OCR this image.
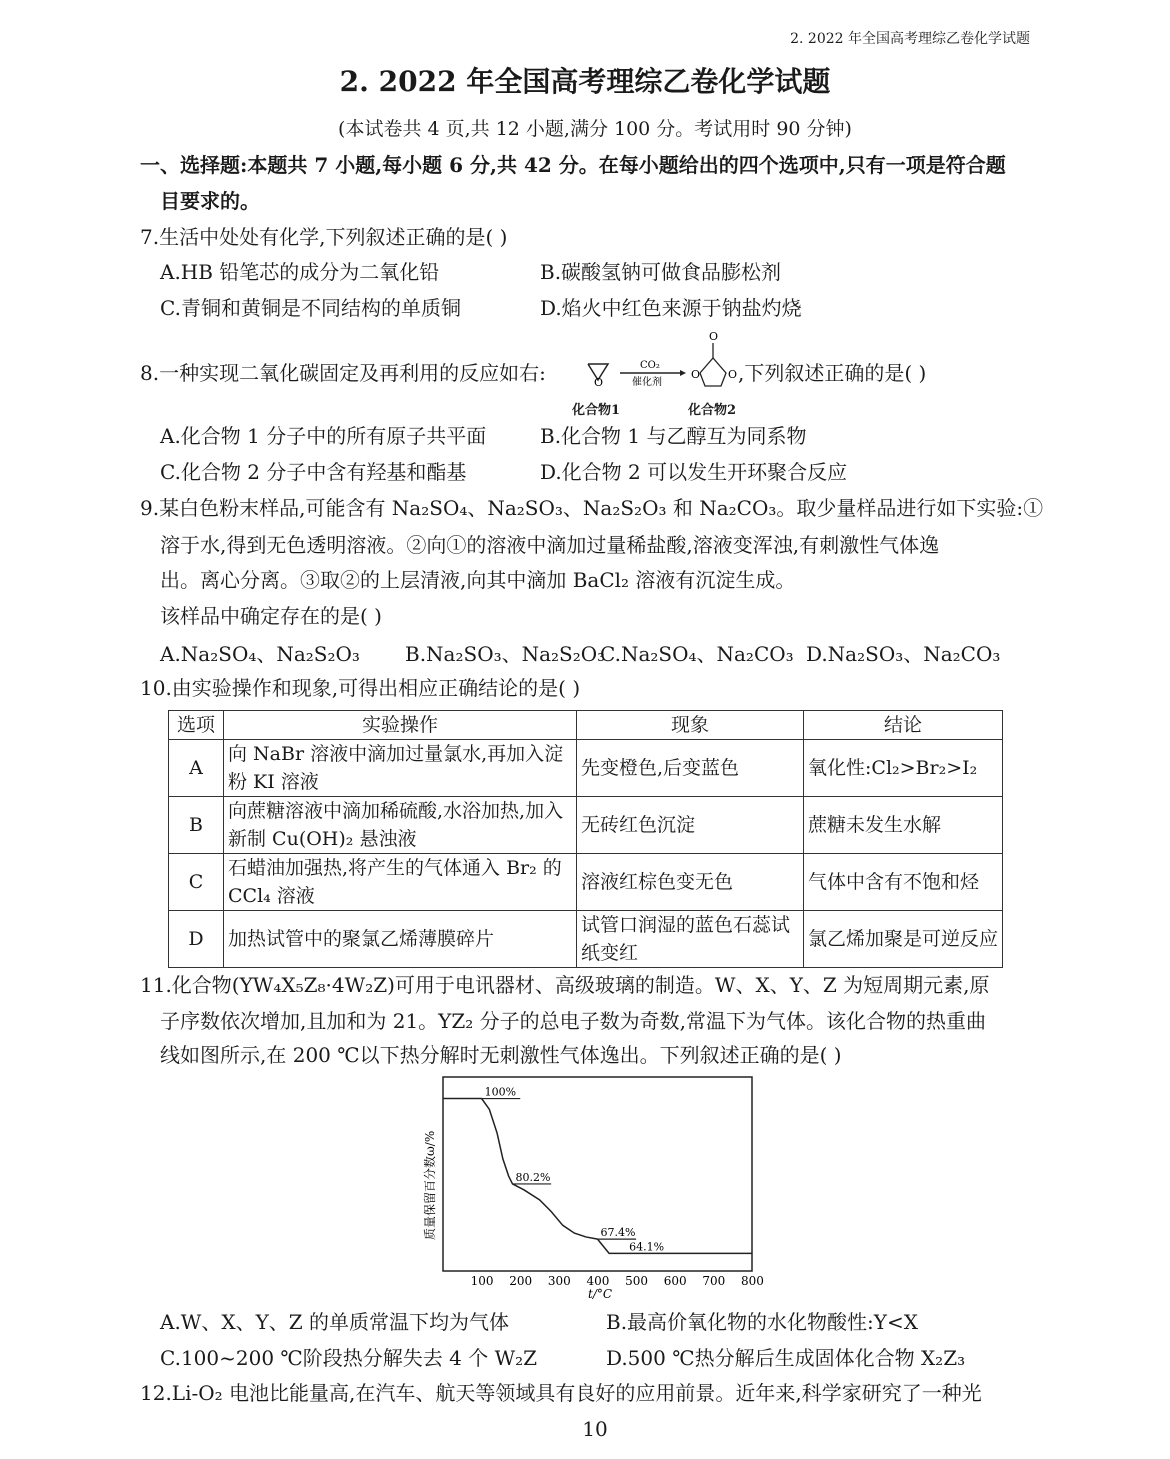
2. 2022 年全国高考理综乙卷化学试题
2. 2022 年全国高考理综乙卷化学试题
(本试卷共 4 页,共 12 小题,满分 100 分。考试用时 90 分钟)
一、选择题:本题共 7 小题,每小题 6 分,共 42 分。在每小题给出的四个选项中,只有一项是符合题
目要求的。
7.生活中处处有化学,下列叙述正确的是( )
A.HB 铅笔芯的成分为二氧化铅	B.碳酸氢钠可做食品膨松剂
C.青铜和黄铜是不同结构的单质铜	D.焰火中红色来源于钠盐灼烧
8.一种实现二氧化碳固定及再利用的反应如右:	O
CO₂
催化剂
O
O	O ,下列叙述正确的是( )
化合物1	化合物2
A.化合物 1 分子中的所有原子共平面	B.化合物 1 与乙醇互为同系物
C.化合物 2 分子中含有羟基和酯基	D.化合物 2 可以发生开环聚合反应
9.某白色粉末样品,可能含有 Na₂SO₄、Na₂SO₃、Na₂S₂O₃ 和 Na₂CO₃。取少量样品进行如下实验:①
溶于水,得到无色透明溶液。②向①的溶液中滴加过量稀盐酸,溶液变浑浊,有刺激性气体逸
出。离心分离。③取②的上层清液,向其中滴加 BaCl₂ 溶液有沉淀生成。
该样品中确定存在的是( )
A.Na₂SO₄、Na₂S₂O₃ B.Na₂SO₃、Na₂S₂O₃
C.Na₂SO₄、Na₂CO₃ D.Na₂SO₃、Na₂CO₃
10.由实验操作和现象,可得出相应正确结论的是( )
选项	实验操作	现象	结论
A	向 NaBr 溶液中滴加过量氯水,再加入淀粉 KI 溶液	先变橙色,后变蓝色	氧化性:Cl₂>Br₂>I₂
B	向蔗糖溶液中滴加稀硫酸,水浴加热,加入新制 Cu(OH)₂ 悬浊液	无砖红色沉淀	蔗糖未发生水解
C	石蜡油加强热,将产生的气体通入 Br₂ 的 CCl₄ 溶液	溶液红棕色变无色	气体中含有不饱和烃
D	加热试管中的聚氯乙烯薄膜碎片	试管口润湿的蓝色石蕊试纸变红	氯乙烯加聚是可逆反应
11.化合物(YW₄X₅Z₈·4W₂Z)可用于电讯器材、高级玻璃的制造。W、X、Y、Z 为短周期元素,原
子序数依次增加,且加和为 21。YZ₂ 分子的总电子数为奇数,常温下为气体。该化合物的热重曲
线如图所示,在 200 ℃以下热分解时无刺激性气体逸出。下列叙述正确的是( )
质量保留百分数ω/%
t/°C
100 200 300 400 500 600 700 800
100%
80.2%
67.4%
64.1%
A.W、X、Y、Z 的单质常温下均为气体	B.最高价氧化物的水化物酸性:Y<X
C.100~200 ℃阶段热分解失去 4 个 W₂Z	D.500 ℃热分解后生成固体化合物 X₂Z₃
12.Li-O₂ 电池比能量高,在汽车、航天等领域具有良好的应用前景。近年来,科学家研究了一种光
10
